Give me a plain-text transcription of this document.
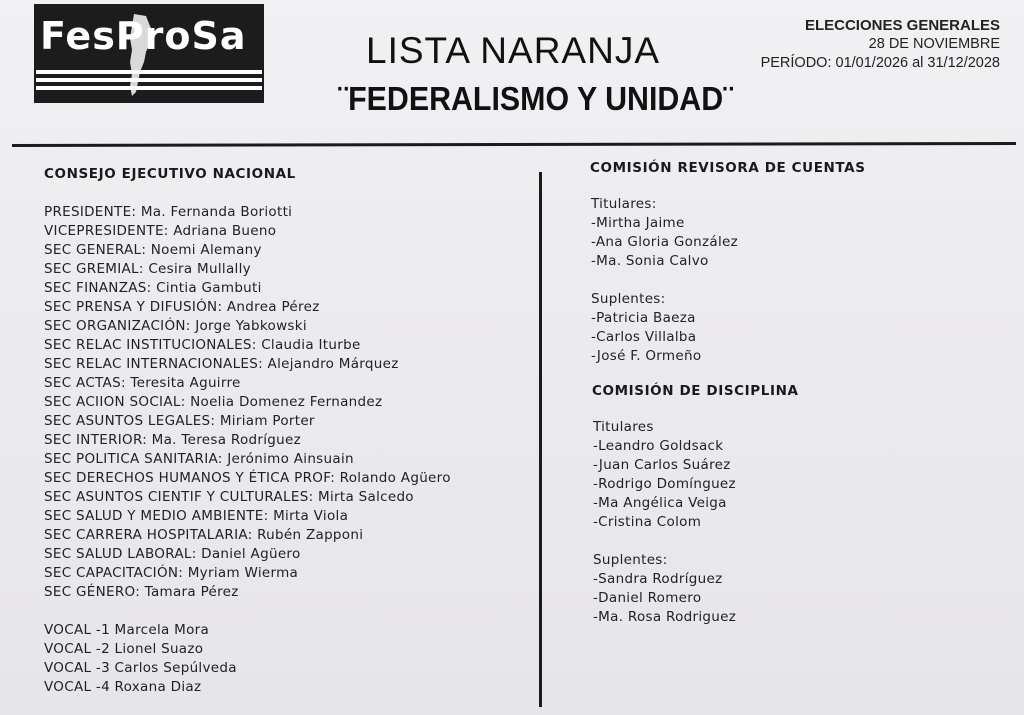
FesProSa	LISTA NARANJA
¨FEDERALISMO Y UNIDAD¨
ELECCIONES GENERALES
28 DE NOVIEMBRE
PERÍODO: 01/01/2026 al 31/12/2028
CONSEJO EJECUTIVO NACIONAL
PRESIDENTE: Ma. Fernanda Boriotti
VICEPRESIDENTE: Adriana Bueno
SEC GENERAL: Noemi Alemany
SEC GREMIAL: Cesira Mullally
SEC FINANZAS: Cintia Gambuti
SEC PRENSA Y DIFUSIÓN: Andrea Pérez
SEC ORGANIZACIÓN: Jorge Yabkowski
SEC RELAC INSTITUCIONALES: Claudia Iturbe
SEC RELAC INTERNACIONALES: Alejandro Márquez
SEC ACTAS: Teresita Aguirre
SEC ACIION SOCIAL: Noelia Domenez Fernandez
SEC ASUNTOS LEGALES: Miriam Porter
SEC INTERIOR: Ma. Teresa Rodríguez
SEC POLITICA SANITARIA: Jerónimo Ainsuain
SEC DERECHOS HUMANOS Y ÉTICA PROF: Rolando Agüero
SEC ASUNTOS CIENTIF Y CULTURALES: Mirta Salcedo
SEC SALUD Y MEDIO AMBIENTE: Mirta Viola
SEC CARRERA HOSPITALARIA: Rubén Zapponi
SEC SALUD LABORAL: Daniel Agüero
SEC CAPACITACIÓN: Myriam Wierma
SEC GÉNERO: Tamara Pérez
VOCAL -1 Marcela Mora
VOCAL -2 Lionel Suazo
VOCAL -3 Carlos Sepúlveda
VOCAL -4 Roxana Diaz
COMISIÓN REVISORA DE CUENTAS
Titulares:
-Mirtha Jaime
-Ana Gloria González
-Ma. Sonia Calvo
Suplentes:
-Patricia Baeza
-Carlos Villalba
-José F. Ormeño
COMISIÓN DE DISCIPLINA
Titulares
-Leandro Goldsack
-Juan Carlos Suárez
-Rodrigo Domínguez
-Ma Angélica Veiga
-Cristina Colom
Suplentes:
-Sandra Rodríguez
-Daniel Romero
-Ma. Rosa Rodriguez
